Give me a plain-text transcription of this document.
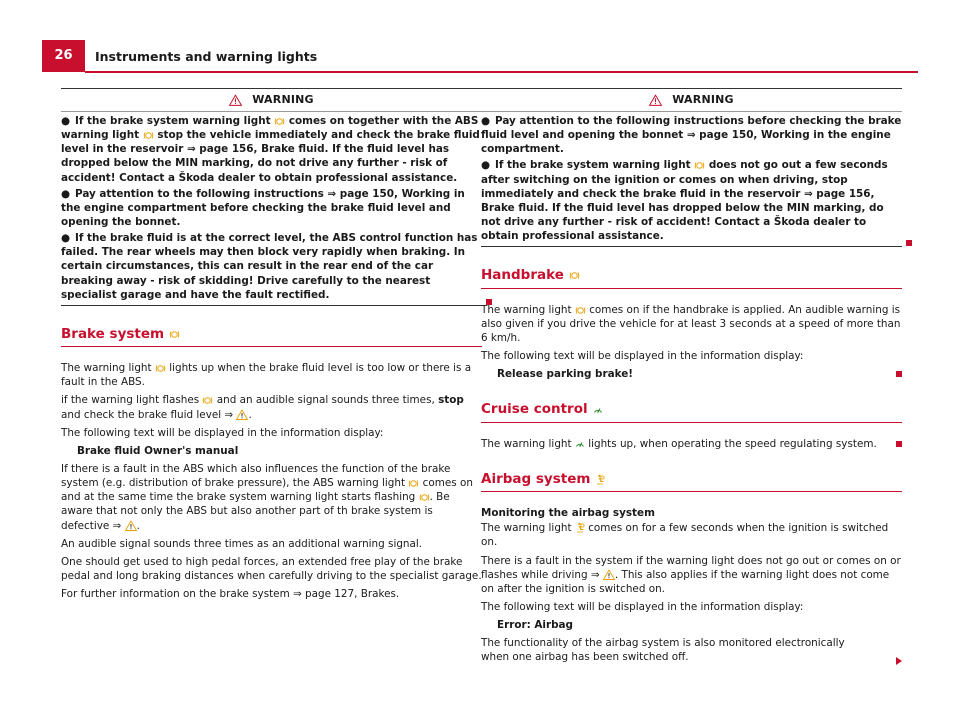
26	Instruments and warning lights
WARNING

● If the brake system warning light comes on together with the ABS warning light stop the vehicle immediately and check the brake fluid level in the reservoir ⇒ page 156, Brake fluid. If the fluid level has dropped below the MIN marking, do not drive any further - risk of accident! Contact a Škoda dealer to obtain professional assistance.

● Pay attention to the following instructions ⇒ page 150, Working in the engine compartment before checking the brake fluid level and opening the bonnet.

● If the brake fluid is at the correct level, the ABS control function has failed. The rear wheels may then block very rapidly when braking. In certain circumstances, this can result in the rear end of the car breaking away - risk of skidding! Drive carefully to the nearest specialist garage and have the fault rectified.

Brake system

The warning light lights up when the brake fluid level is too low or there is a fault in the ABS.

if the warning light flashes and an audible signal sounds three times, stop and check the brake fluid level ⇒ .

The following text will be displayed in the information display:

Brake fluid Owner's manual

If there is a fault in the ABS which also influences the function of the brake system (e.g. distribution of brake pressure), the ABS warning light comes on and at the same time the brake system warning light starts flashing . Be aware that not only the ABS but also another part of th brake system is defective ⇒ .

An audible signal sounds three times as an additional warning signal.

One should get used to high pedal forces, an extended free play of the brake pedal and long braking distances when carefully driving to the specialist garage.

For further information on the brake system ⇒ page 127, Brakes.

WARNING

● Pay attention to the following instructions before checking the brake fluid level and opening the bonnet ⇒ page 150, Working in the engine compartment.

● If the brake system warning light does not go out a few seconds after switching on the ignition or comes on when driving, stop immediately and check the brake fluid in the reservoir ⇒ page 156, Brake fluid. If the fluid level has dropped below the MIN marking, do not drive any further - risk of accident! Contact a Škoda dealer to obtain professional assistance.

Handbrake

The warning light comes on if the handbrake is applied. An audible warning is also given if you drive the vehicle for at least 3 seconds at a speed of more than 6 km/h.

The following text will be displayed in the information display:

Release parking brake!

Cruise control

The warning light lights up, when operating the speed regulating system.

Airbag system

Monitoring the airbag system

The warning light comes on for a few seconds when the ignition is switched on.

There is a fault in the system if the warning light does not go out or comes on or flashes while driving ⇒ . This also applies if the warning light does not come on after the ignition is switched on.

The following text will be displayed in the information display:

Error: Airbag

The functionality of the airbag system is also monitored electronically when one airbag has been switched off.
